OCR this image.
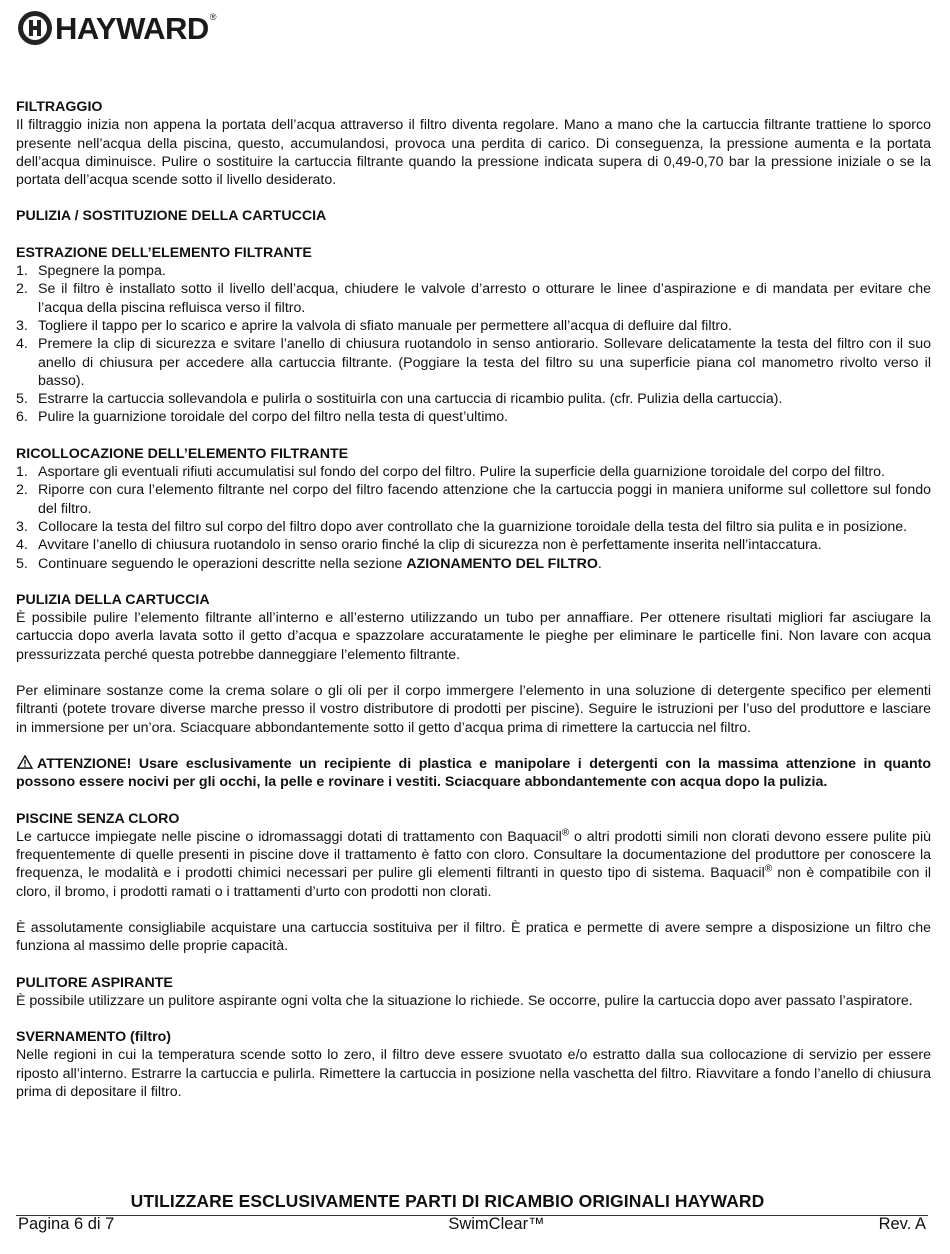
HAYWARD®

FILTRAGGIO

Il filtraggio inizia non appena la portata dell’acqua attraverso il filtro diventa regolare. Mano a mano che la cartuccia filtrante trattiene lo sporco presente nell’acqua della piscina, questo, accumulandosi, provoca una perdita di carico. Di conseguenza, la pressione aumenta e la portata dell’acqua diminuisce. Pulire o sostituire la cartuccia filtrante quando la pressione indicata supera di 0,49-0,70 bar la pressione iniziale o se la portata dell’acqua scende sotto il livello desiderato.

PULIZIA / SOSTITUZIONE DELLA CARTUCCIA

ESTRAZIONE DELL’ELEMENTO FILTRANTE

1. Spegnere la pompa.
2. Se il filtro è installato sotto il livello dell’acqua, chiudere le valvole d’arresto o otturare le linee d’aspirazione e di mandata per evitare che l’acqua della piscina refluisca verso il filtro.
3. Togliere il tappo per lo scarico e aprire la valvola di sfiato manuale per permettere all’acqua di defluire dal filtro.
4. Premere la clip di sicurezza e svitare l’anello di chiusura ruotandolo in senso antiorario. Sollevare delicatamente la testa del filtro con il suo anello di chiusura per accedere alla cartuccia filtrante. (Poggiare la testa del filtro su una superficie piana col manometro rivolto verso il basso).
5. Estrarre la cartuccia sollevandola e pulirla o sostituirla con una cartuccia di ricambio pulita. (cfr. Pulizia della cartuccia).
6. Pulire la guarnizione toroidale del corpo del filtro nella testa di quest’ultimo.

RICOLLOCAZIONE DELL’ELEMENTO FILTRANTE

1. Asportare gli eventuali rifiuti accumulatisi sul fondo del corpo del filtro. Pulire la superficie della guarnizione toroidale del corpo del filtro.
2. Riporre con cura l’elemento filtrante nel corpo del filtro facendo attenzione che la cartuccia poggi in maniera uniforme sul collettore sul fondo del filtro.
3. Collocare la testa del filtro sul corpo del filtro dopo aver controllato che la guarnizione toroidale della testa del filtro sia pulita e in posizione.
4. Avvitare l’anello di chiusura ruotandolo in senso orario finché la clip di sicurezza non è perfettamente inserita nell’intaccatura.
5. Continuare seguendo le operazioni descritte nella sezione AZIONAMENTO DEL FILTRO.

PULIZIA DELLA CARTUCCIA

È possibile pulire l’elemento filtrante all’interno e all’esterno utilizzando un tubo per annaffiare. Per ottenere risultati migliori far asciugare la cartuccia dopo averla lavata sotto il getto d’acqua e spazzolare accuratamente le pieghe per eliminare le particelle fini. Non lavare con acqua pressurizzata perché questa potrebbe danneggiare l’elemento filtrante.

Per eliminare sostanze come la crema solare o gli oli per il corpo immergere l’elemento in una soluzione di detergente specifico per elementi filtranti (potete trovare diverse marche presso il vostro distributore di prodotti per piscine). Seguire le istruzioni per l’uso del produttore e lasciare in immersione per un’ora. Sciacquare abbondantemente sotto il getto d’acqua prima di rimettere la cartuccia nel filtro.

ATTENZIONE! Usare esclusivamente un recipiente di plastica e manipolare i detergenti con la massima attenzione in quanto possono essere nocivi per gli occhi, la pelle e rovinare i vestiti. Sciacquare abbondantemente con acqua dopo la pulizia.

PISCINE SENZA CLORO

Le cartucce impiegate nelle piscine o idromassaggi dotati di trattamento con Baquacil® o altri prodotti simili non clorati devono essere pulite più frequentemente di quelle presenti in piscine dove il trattamento è fatto con cloro. Consultare la documentazione del produttore per conoscere la frequenza, le modalità e i prodotti chimici necessari per pulire gli elementi filtranti in questo tipo di sistema. Baquacil® non è compatibile con il cloro, il bromo, i prodotti ramati o i trattamenti d’urto con prodotti non clorati.

È assolutamente consigliabile acquistare una cartuccia sostituiva per il filtro. È pratica e permette di avere sempre a disposizione un filtro che funziona al massimo delle proprie capacità.

PULITORE ASPIRANTE

È possibile utilizzare un pulitore aspirante ogni volta che la situazione lo richiede. Se occorre, pulire la cartuccia dopo aver passato l’aspiratore.

SVERNAMENTO (filtro)

Nelle regioni in cui la temperatura scende sotto lo zero, il filtro deve essere svuotato e/o estratto dalla sua collocazione di servizio per essere riposto all’interno. Estrarre la cartuccia e pulirla. Rimettere la cartuccia in posizione nella vaschetta del filtro. Riavvitare a fondo l’anello di chiusura prima di depositare il filtro.

UTILIZZARE ESCLUSIVAMENTE PARTI DI RICAMBIO ORIGINALI HAYWARD
Pagina 6 di 7	SwimClear™	Rev. A
